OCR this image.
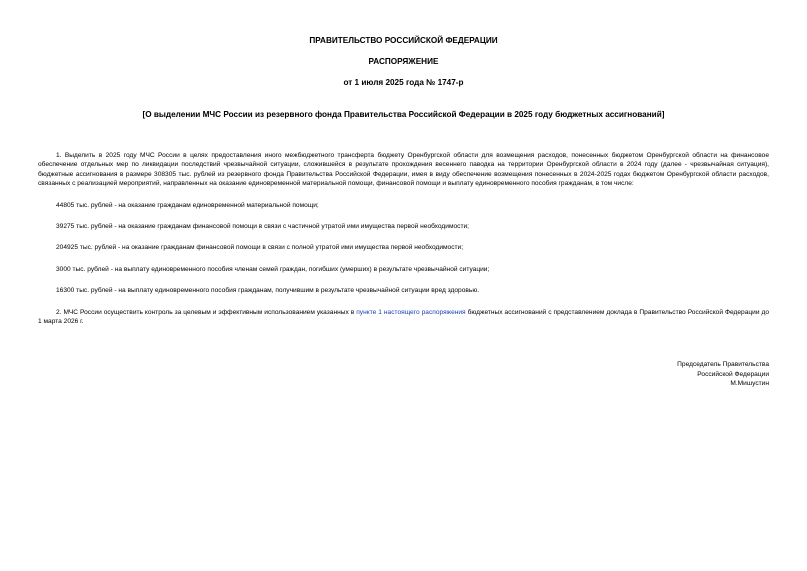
ПРАВИТЕЛЬСТВО РОССИЙСКОЙ ФЕДЕРАЦИИ

РАСПОРЯЖЕНИЕ

от 1 июля 2025 года № 1747-р

[О выделении МЧС России из резервного фонда Правительства Российской Федерации в 2025 году бюджетных ассигнований]

1. Выделить в 2025 году МЧС России в целях предоставления иного межбюджетного трансферта бюджету Оренбургской области для возмещения расходов, понесенных бюджетом Оренбургской области на финансовое обеспечение отдельных мер по ликвидации последствий чрезвычайной ситуации, сложившейся в результате прохождения весеннего паводка на территории Оренбургской области в 2024 году (далее - чрезвычайная ситуация), бюджетные ассигнования в размере 308305 тыс. рублей из резервного фонда Правительства Российской Федерации, имея в виду обеспечение возмещения понесенных в 2024-2025 годах бюджетом Оренбургской области расходов, связанных с реализацией мероприятий, направленных на оказание единовременной материальной помощи, финансовой помощи и выплату единовременного пособия гражданам, в том числе:

44805 тыс. рублей - на оказание гражданам единовременной материальной помощи;

39275 тыс. рублей - на оказание гражданам финансовой помощи в связи с частичной утратой ими имущества первой необходимости;

204925 тыс. рублей - на оказание гражданам финансовой помощи в связи с полной утратой ими имущества первой необходимости;

3000 тыс. рублей - на выплату единовременного пособия членам семей граждан, погибших (умерших) в результате чрезвычайной ситуации;

16300 тыс. рублей - на выплату единовременного пособия гражданам, получившим в результате чрезвычайной ситуации вред здоровью.

2. МЧС России осуществить контроль за целевым и эффективным использованием указанных в пункте 1 настоящего распоряжения бюджетных ассигнований с представлением доклада в Правительство Российской Федерации до 1 марта 2026 г.

Председатель Правительства
Российской Федерации
М.Мишустин
